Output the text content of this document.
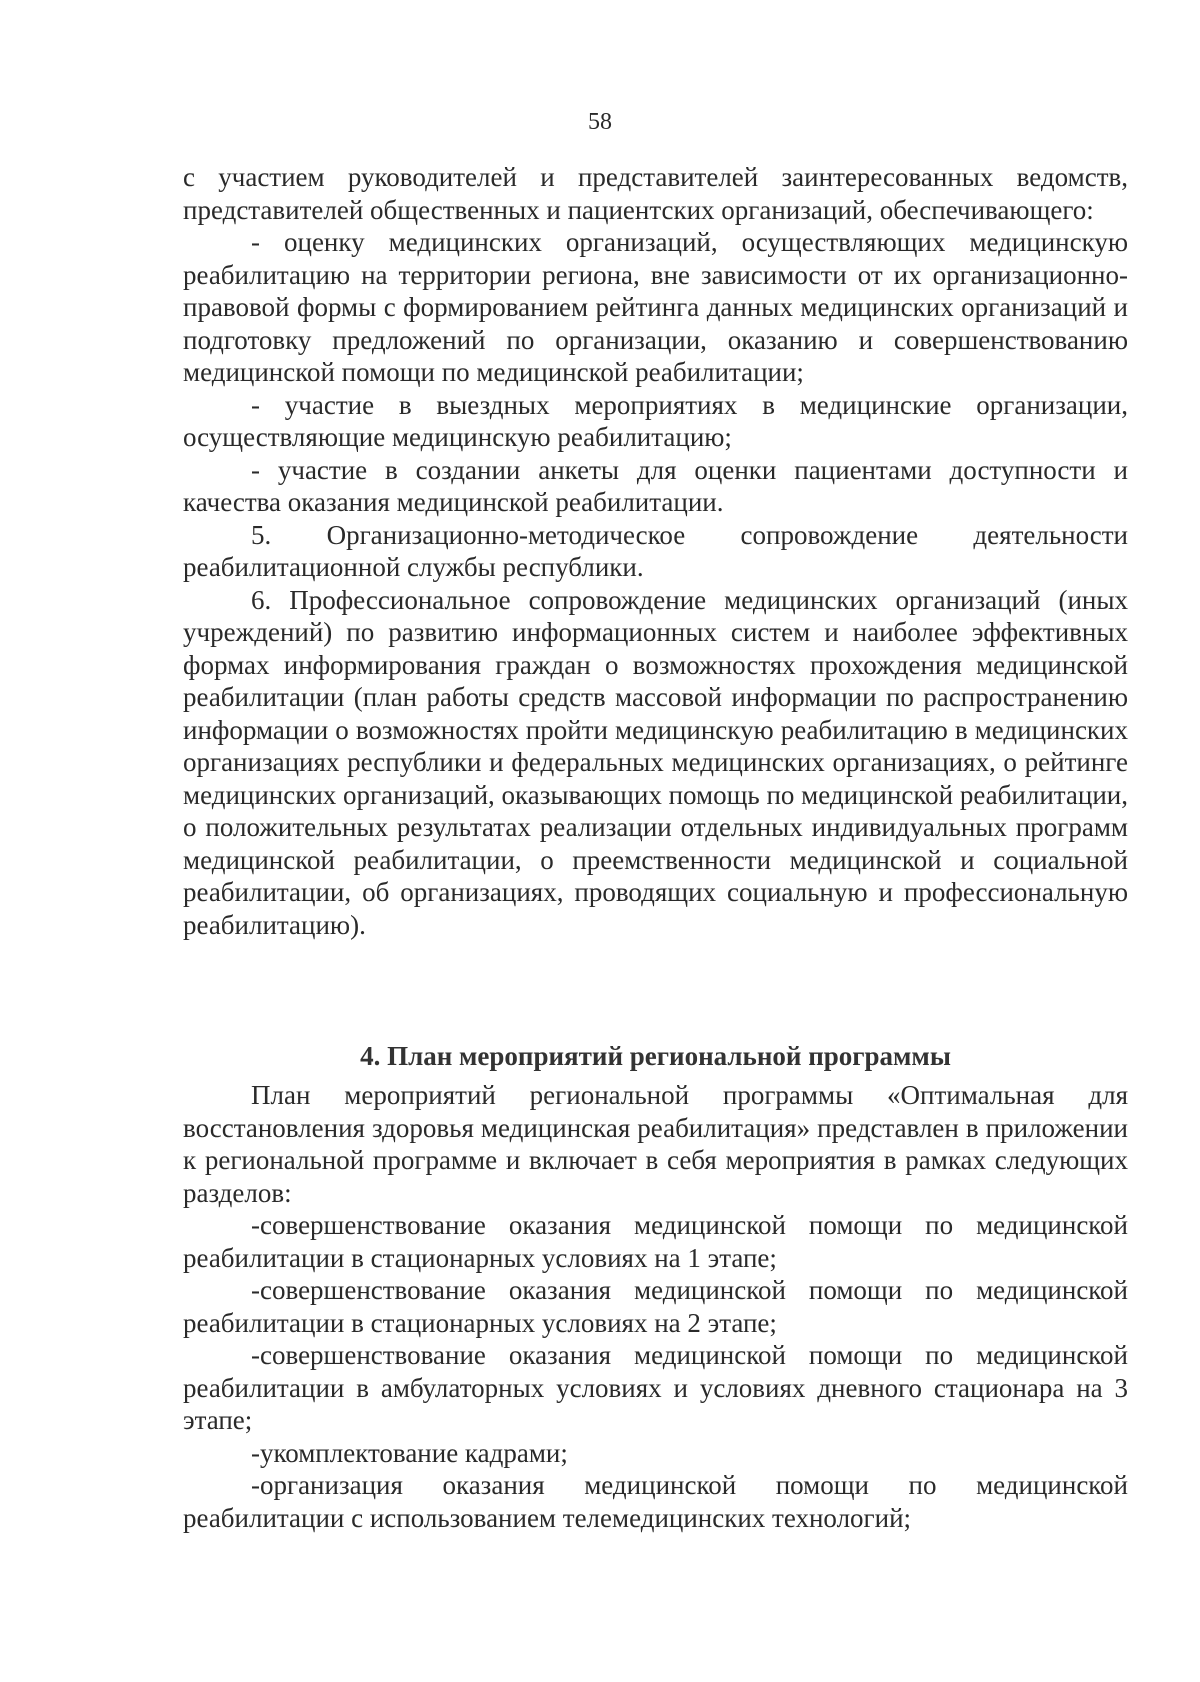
58

с участием руководителей и представителей заинтересованных ведомств, представителей общественных и пациентских организаций, обеспечивающего:

- оценку медицинских организаций, осуществляющих медицинскую реабилитацию на территории региона, вне зависимости от их организационно-правовой формы с формированием рейтинга данных медицинских организаций и подготовку предложений по организации, оказанию и совершенствованию медицинской помощи по медицинской реабилитации;

- участие в выездных мероприятиях в медицинские организации, осуществляющие медицинскую реабилитацию;

- участие в создании анкеты для оценки пациентами доступности и качества оказания медицинской реабилитации.

5. Организационно-методическое сопровождение деятельности реабилитационной службы республики.

6. Профессиональное сопровождение медицинских организаций (иных учреждений) по развитию информационных систем и наиболее эффективных формах информирования граждан о возможностях прохождения медицинской реабилитации (план работы средств массовой информации по распространению информации о возможностях пройти медицинскую реабилитацию в медицинских организациях республики и федеральных медицинских организациях, о рейтинге медицинских организаций, оказывающих помощь по медицинской реабилитации, о положительных результатах реализации отдельных индивидуальных программ медицинской реабилитации, о преемственности медицинской и социальной реабилитации, об организациях, проводящих социальную и профессиональную реабилитацию).

4. План мероприятий региональной программы

План мероприятий региональной программы «Оптимальная для восстановления здоровья медицинская реабилитация» представлен в приложении к региональной программе и включает в себя мероприятия в рамках следующих разделов:

-совершенствование оказания медицинской помощи по медицинской реабилитации в стационарных условиях на 1 этапе;

-совершенствование оказания медицинской помощи по медицинской реабилитации в стационарных условиях на 2 этапе;

-совершенствование оказания медицинской помощи по медицинской реабилитации в амбулаторных условиях и условиях дневного стационара на 3 этапе;

-укомплектование кадрами;

-организация оказания медицинской помощи по медицинской реабилитации с использованием телемедицинских технологий;
